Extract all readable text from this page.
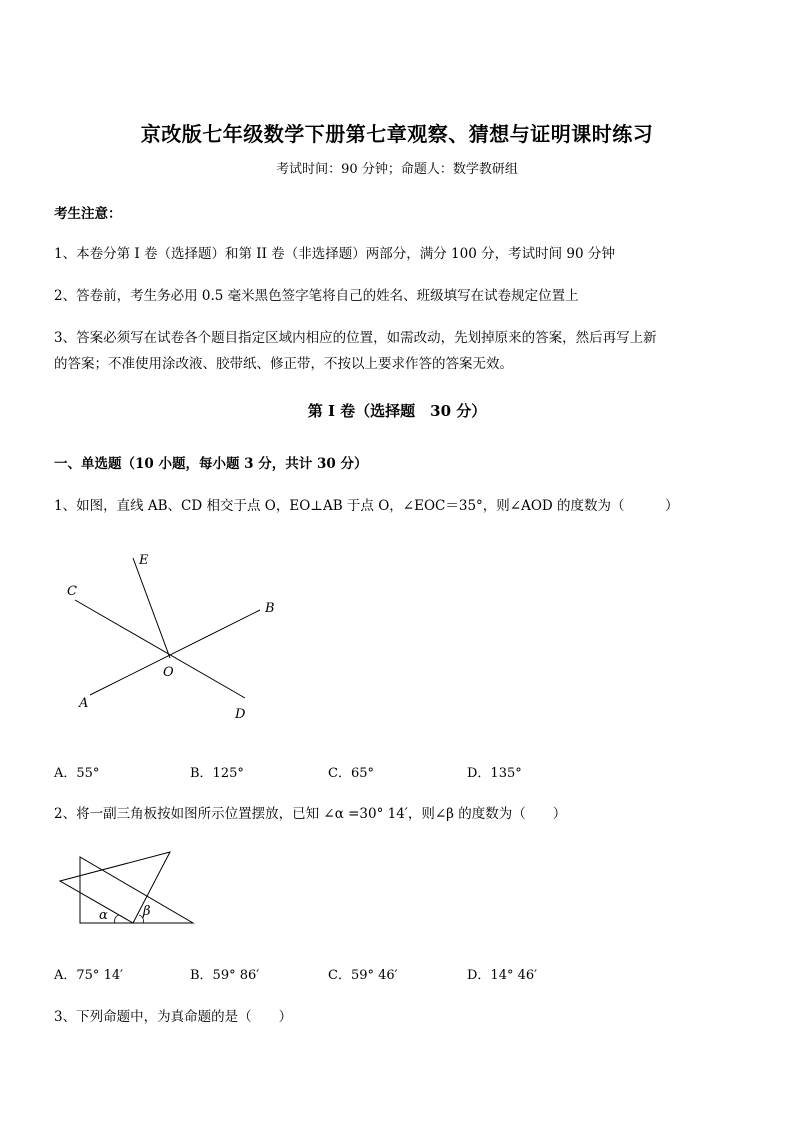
京改版七年级数学下册第七章观察、猜想与证明课时练习
考试时间：90 分钟；命题人：数学教研组
考生注意：
1、本卷分第 I 卷（选择题）和第 II 卷（非选择题）两部分，满分 100 分，考试时间 90 分钟
2、答卷前，考生务必用 0.5 毫米黑色签字笔将自己的姓名、班级填写在试卷规定位置上
3、答案必须写在试卷各个题目指定区域内相应的位置，如需改动，先划掉原来的答案，然后再写上新
的答案；不准使用涂改液、胶带纸、修正带，不按以上要求作答的答案无效。
第 I 卷（选择题　30 分）
一、单选题（10 小题，每小题 3 分，共计 30 分）
1、如图，直线 AB、CD 相交于点 O，EO⊥AB 于点 O，∠EOC＝35°，则∠AOD 的度数为（　　　）
E
C
B
O
A
D
A．55°	B．125°	C．65°	D．135°
2、将一副三角板按如图所示位置摆放，已知 ∠α =30° 14′，则∠β 的度数为（　　）
α	β
A．75° 14′	B．59° 86′	C．59° 46′	D．14° 46′
3、下列命题中，为真命题的是（　　）
